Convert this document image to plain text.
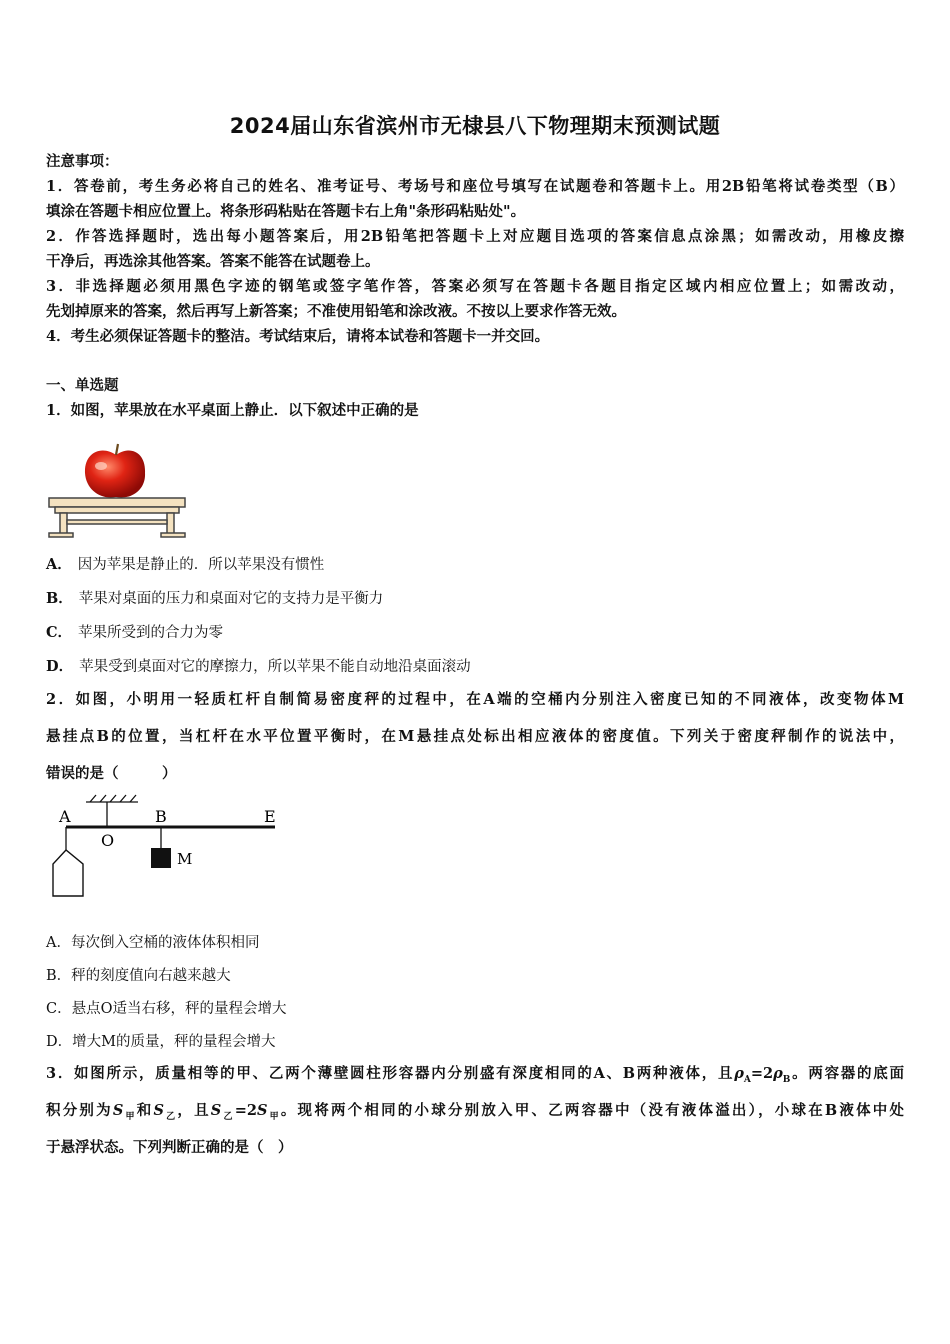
2024届山东省滨州市无棣县八下物理期末预测试题
注意事项：
1．答卷前，考生务必将自己的姓名、准考证号、考场号和座位号填写在试题卷和答题卡上。用2B铅笔将试卷类型（B）
填涂在答题卡相应位置上。将条形码粘贴在答题卡右上角"条形码粘贴处"。
2．作答选择题时，选出每小题答案后，用2B铅笔把答题卡上对应题目选项的答案信息点涂黑；如需改动，用橡皮擦
干净后，再选涂其他答案。答案不能答在试题卷上。
3．非选择题必须用黑色字迹的钢笔或签字笔作答，答案必须写在答题卡各题目指定区域内相应位置上；如需改动，
先划掉原来的答案，然后再写上新答案；不准使用铅笔和涂改液。不按以上要求作答无效。
4．考生必须保证答题卡的整洁。考试结束后，请将本试卷和答题卡一并交回。
一、单选题
1．如图，苹果放在水平桌面上静止．以下叙述中正确的是
A． 因为苹果是静止的．所以苹果没有惯性
B． 苹果对桌面的压力和桌面对它的支持力是平衡力
C． 苹果所受到的合力为零
D． 苹果受到桌面对它的摩擦力，所以苹果不能自动地沿桌面滚动
2．如图，小明用一轻质杠杆自制简易密度秤的过程中，在A端的空桶内分别注入密度已知的不同液体，改变物体M
悬挂点B的位置，当杠杆在水平位置平衡时，在M悬挂点处标出相应液体的密度值。下列关于密度秤制作的说法中，
错误的是（　　　）
A
O
B	E
M
A．每次倒入空桶的液体体积相同
B．秤的刻度值向右越来越大
C．悬点O适当右移，秤的量程会增大
D．增大M的质量，秤的量程会增大
3．如图所示，质量相等的甲、乙两个薄壁圆柱形容器内分别盛有深度相同的A、B两种液体，且$\rho_A=2\rho_B$。两容器的底面
积分别为$S_甲$和$S_乙$，且$S_乙=2S_甲$。现将两个相同的小球分别放入甲、乙两容器中（没有液体溢出），小球在B液体中处
于悬浮状态。下列判断正确的是（　）
